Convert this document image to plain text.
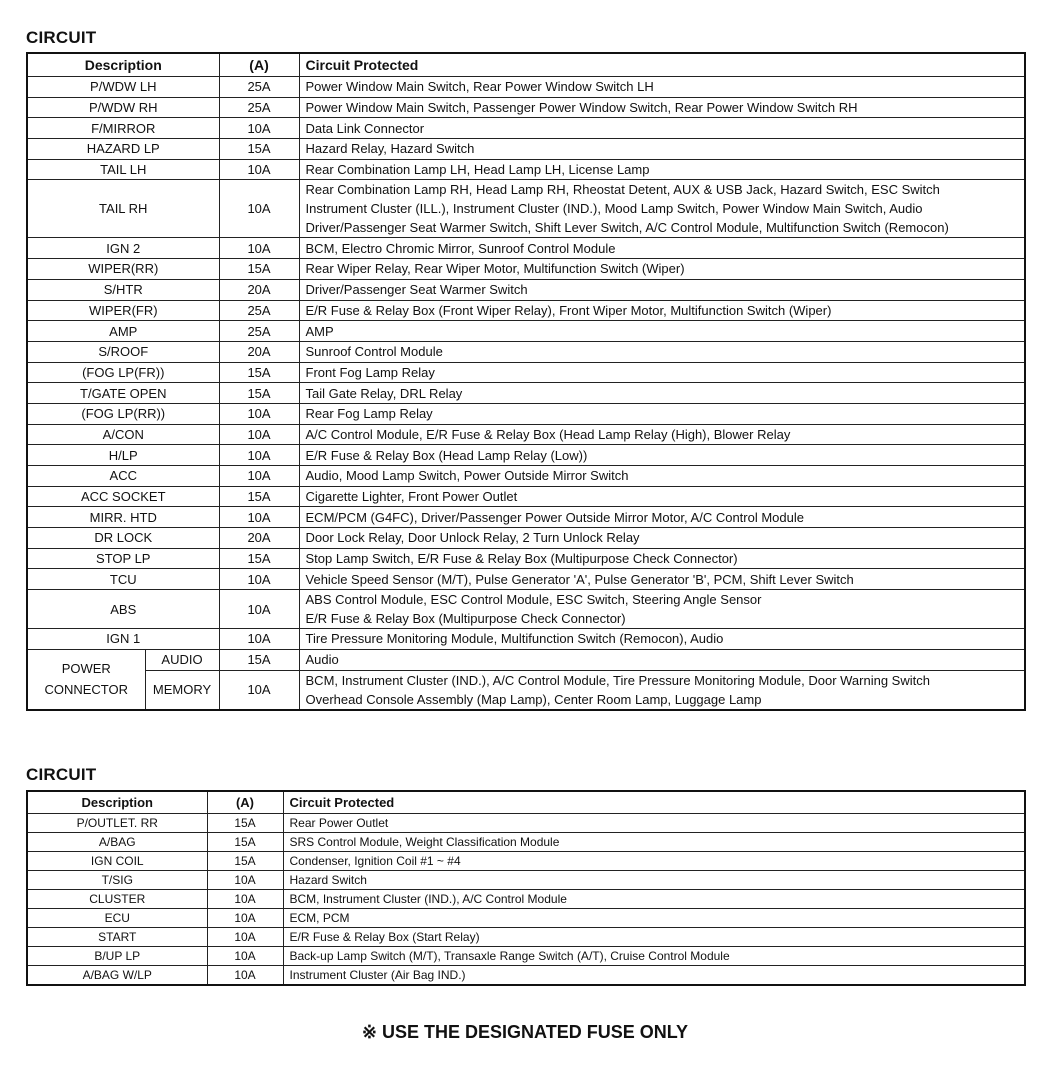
CIRCUIT
Description		(A)	Circuit Protected
P/WDW LH		25A	Power Window Main Switch, Rear Power Window Switch LH

P/WDW RH		25A	Power Window Main Switch, Passenger Power Window Switch, Rear Power Window Switch RH

F/MIRROR		10A	Data Link Connector

HAZARD LP		15A	Hazard Relay, Hazard Switch

TAIL LH		10A	Rear Combination Lamp LH, Head Lamp LH, License Lamp

TAIL RH		10A	Rear Combination Lamp RH, Head Lamp RH, Rheostat Detent, AUX & USB Jack, Hazard Switch, ESC Switch
Instrument Cluster (ILL.), Instrument Cluster (IND.), Mood Lamp Switch, Power Window Main Switch, Audio
Driver/Passenger Seat Warmer Switch, Shift Lever Switch, A/C Control Module, Multifunction Switch (Remocon)

IGN 2		10A	BCM, Electro Chromic Mirror, Sunroof Control Module

WIPER(RR)		15A	Rear Wiper Relay, Rear Wiper Motor, Multifunction Switch (Wiper)

S/HTR		20A	Driver/Passenger Seat Warmer Switch

WIPER(FR)		25A	E/R Fuse & Relay Box (Front Wiper Relay), Front Wiper Motor, Multifunction Switch (Wiper)

AMP		25A	AMP

S/ROOF		20A	Sunroof Control Module

(FOG LP(FR))		15A	Front Fog Lamp Relay

T/GATE OPEN		15A	Tail Gate Relay, DRL Relay

(FOG LP(RR))		10A	Rear Fog Lamp Relay

A/CON		10A	A/C Control Module, E/R Fuse & Relay Box (Head Lamp Relay (High), Blower Relay

H/LP		10A	E/R Fuse & Relay Box (Head Lamp Relay (Low))

ACC		10A	Audio, Mood Lamp Switch, Power Outside Mirror Switch

ACC SOCKET		15A	Cigarette Lighter, Front Power Outlet

MIRR. HTD		10A	ECM/PCM (G4FC), Driver/Passenger Power Outside Mirror Motor, A/C Control Module

DR LOCK		20A	Door Lock Relay, Door Unlock Relay, 2 Turn Unlock Relay

STOP LP		15A	Stop Lamp Switch, E/R Fuse & Relay Box (Multipurpose Check Connector)

TCU		10A	Vehicle Speed Sensor (M/T), Pulse Generator 'A', Pulse Generator 'B', PCM, Shift Lever Switch

ABS		10A	ABS Control Module, ESC Control Module, ESC Switch, Steering Angle Sensor
E/R Fuse & Relay Box (Multipurpose Check Connector)

IGN 1		10A	Tire Pressure Monitoring Module, Multifunction Switch (Remocon), Audio

POWER
CONNECTOR	AUDIO	15A	Audio

	MEMORY	10A	BCM, Instrument Cluster (IND.), A/C Control Module, Tire Pressure Monitoring Module, Door Warning Switch
Overhead Console Assembly (Map Lamp), Center Room Lamp, Luggage Lamp
CIRCUIT
Description	(A)	Circuit Protected
P/OUTLET. RR	15A	Rear Power Outlet

A/BAG	15A	SRS Control Module, Weight Classification Module

IGN COIL	15A	Condenser, Ignition Coil #1 ~ #4

T/SIG	10A	Hazard Switch

CLUSTER	10A	BCM, Instrument Cluster (IND.), A/C Control Module

ECU	10A	ECM, PCM

START	10A	E/R Fuse & Relay Box (Start Relay)

B/UP LP	10A	Back-up Lamp Switch (M/T), Transaxle Range Switch (A/T), Cruise Control Module

A/BAG W/LP	10A	Instrument Cluster (Air Bag IND.)
※ USE THE DESIGNATED FUSE ONLY
